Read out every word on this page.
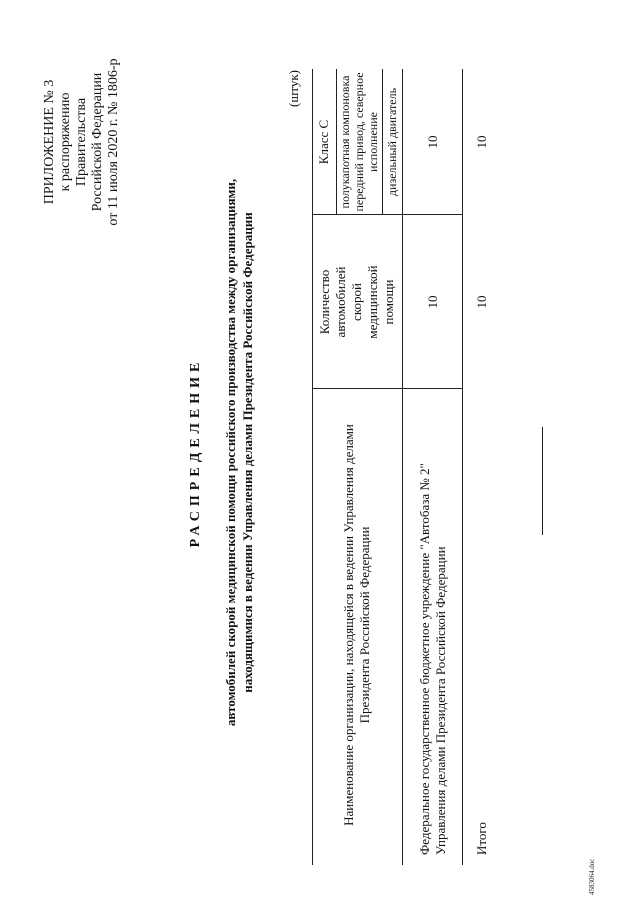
ПРИЛОЖЕНИЕ № 3 к распоряжению Правительства Российской Федерации от 11 июля 2020 г. № 1806-р
РАСПРЕДЕЛЕНИЕ автомобилей скорой медицинской помощи российского производства между организациями, находящимися в ведении Управления делами Президента Российской Федерации
(штук)
Наименование организации, находящейся в ведении Управления делами Президента Российской Федерации
Количество автомобилей скорой медицинской помощи
Класс С полукапотная компоновка передний привод, северное исполнение дизельный двигатель
Федеральное государственное бюджетное учреждение "Автобаза № 2" Управления делами Президента Российской Федерации
10
10
Итого
10
10
4583064.doc
